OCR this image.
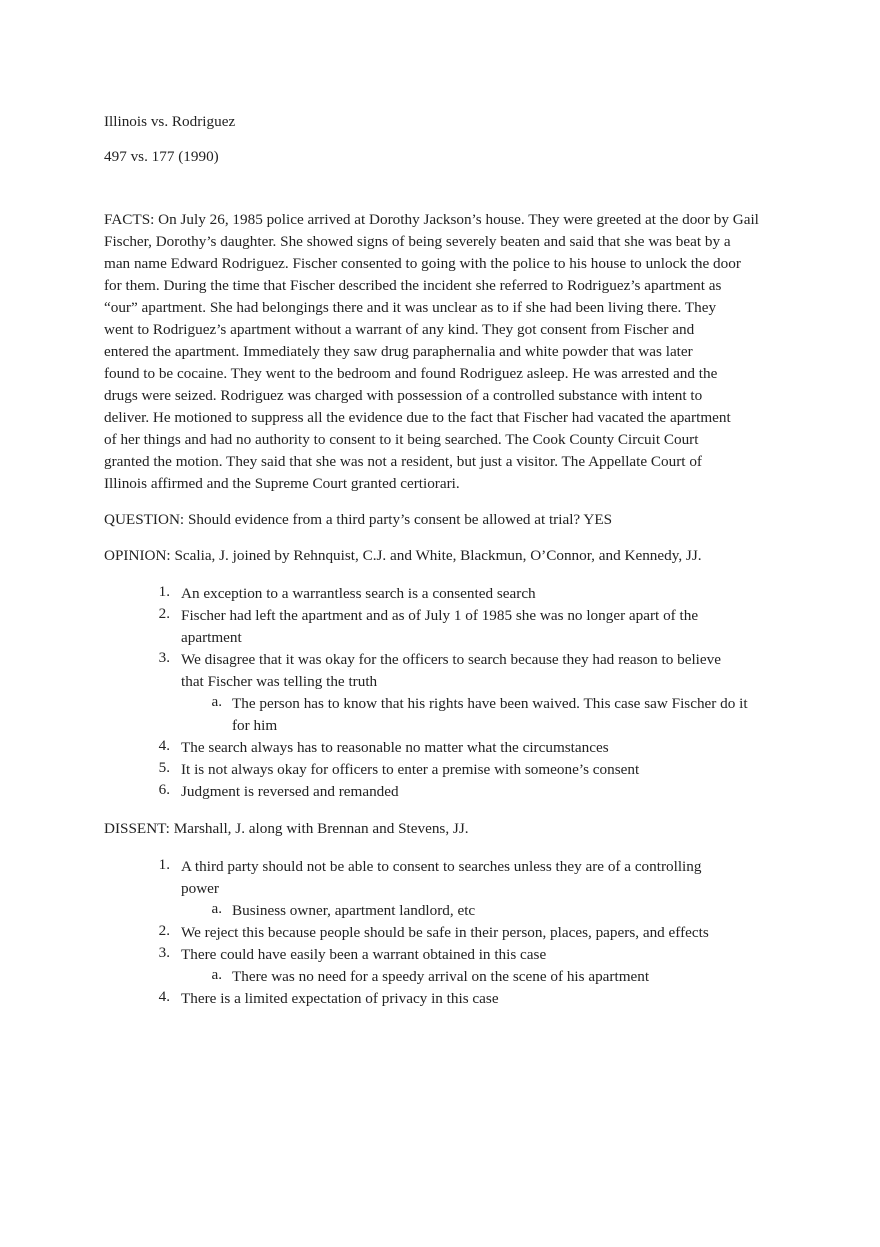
Illinois vs. Rodriguez
497 vs. 177 (1990)
FACTS: On July 26, 1985 police arrived at Dorothy Jackson’s house. They were greeted at the door by Gail
Fischer, Dorothy’s daughter. She showed signs of being severely beaten and said that she was beat by a
man name Edward Rodriguez. Fischer consented to going with the police to his house to unlock the door
for them. During the time that Fischer described the incident she referred to Rodriguez’s apartment as
“our” apartment. She had belongings there and it was unclear as to if she had been living there. They
went to Rodriguez’s apartment without a warrant of any kind. They got consent from Fischer and
entered the apartment. Immediately they saw drug paraphernalia and white powder that was later
found to be cocaine. They went to the bedroom and found Rodriguez asleep. He was arrested and the
drugs were seized. Rodriguez was charged with possession of a controlled substance with intent to
deliver. He motioned to suppress all the evidence due to the fact that Fischer had vacated the apartment
of her things and had no authority to consent to it being searched. The Cook County Circuit Court
granted the motion. They said that she was not a resident, but just a visitor. The Appellate Court of
Illinois affirmed and the Supreme Court granted certiorari.
QUESTION: Should evidence from a third party’s consent be allowed at trial? YES
OPINION: Scalia, J. joined by Rehnquist, C.J. and White, Blackmun, O’Connor, and Kennedy, JJ.
1. An exception to a warrantless search is a consented search
2. Fischer had left the apartment and as of July 1 of 1985 she was no longer apart of the
apartment
3. We disagree that it was okay for the officers to search because they had reason to believe
that Fischer was telling the truth
a. The person has to know that his rights have been waived. This case saw Fischer do it
for him
4. The search always has to reasonable no matter what the circumstances
5. It is not always okay for officers to enter a premise with someone’s consent
6. Judgment is reversed and remanded
DISSENT: Marshall, J. along with Brennan and Stevens, JJ.
1. A third party should not be able to consent to searches unless they are of a controlling
power
a. Business owner, apartment landlord, etc
2. We reject this because people should be safe in their person, places, papers, and effects
3. There could have easily been a warrant obtained in this case
a. There was no need for a speedy arrival on the scene of his apartment
4. There is a limited expectation of privacy in this case
